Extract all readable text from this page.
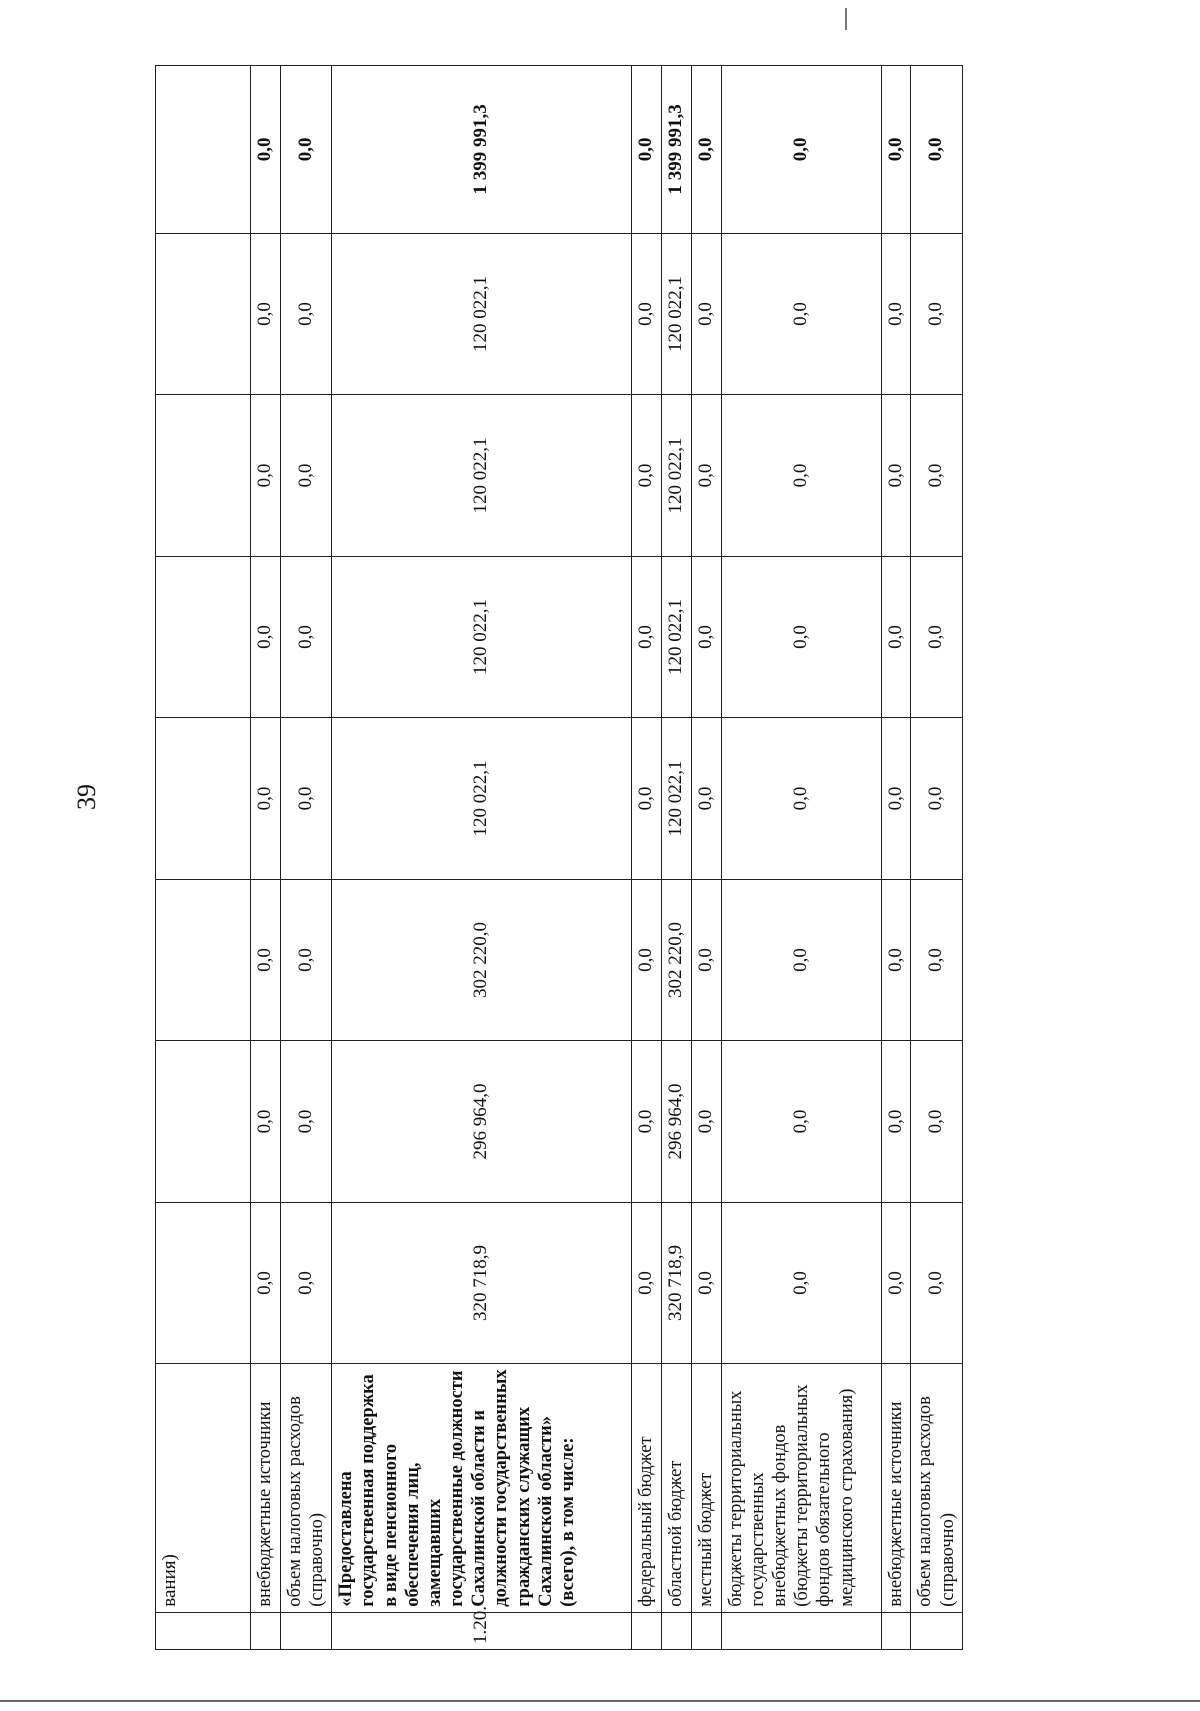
39
	вания)								
	внебюджетные источники	0,0	0,0	0,0	0,0	0,0	0,0	0,0	0,0
	объем налоговых расходов (справочно)	0,0	0,0	0,0	0,0	0,0	0,0	0,0	0,0
1.20.	«Предоставлена государственная поддержка в виде пенсионного обеспечения лиц, замещавших государственные должности Сахалинской области и должности государственных гражданских служащих Сахалинской области» (всего), в том числе:	320 718,9	296 964,0	302 220,0	120 022,1	120 022,1	120 022,1	120 022,1	1 399 991,3
	федеральный бюджет	0,0	0,0	0,0	0,0	0,0	0,0	0,0	0,0
	областной бюджет	320 718,9	296 964,0	302 220,0	120 022,1	120 022,1	120 022,1	120 022,1	1 399 991,3
	местный бюджет	0,0	0,0	0,0	0,0	0,0	0,0	0,0	0,0
	бюджеты территориальных государственных внебюджетных фондов (бюджеты территориальных фондов обязательного медицинского страхования)	0,0	0,0	0,0	0,0	0,0	0,0	0,0	0,0
	внебюджетные источники	0,0	0,0	0,0	0,0	0,0	0,0	0,0	0,0
	объем налоговых расходов (справочно)	0,0	0,0	0,0	0,0	0,0	0,0	0,0	0,0
